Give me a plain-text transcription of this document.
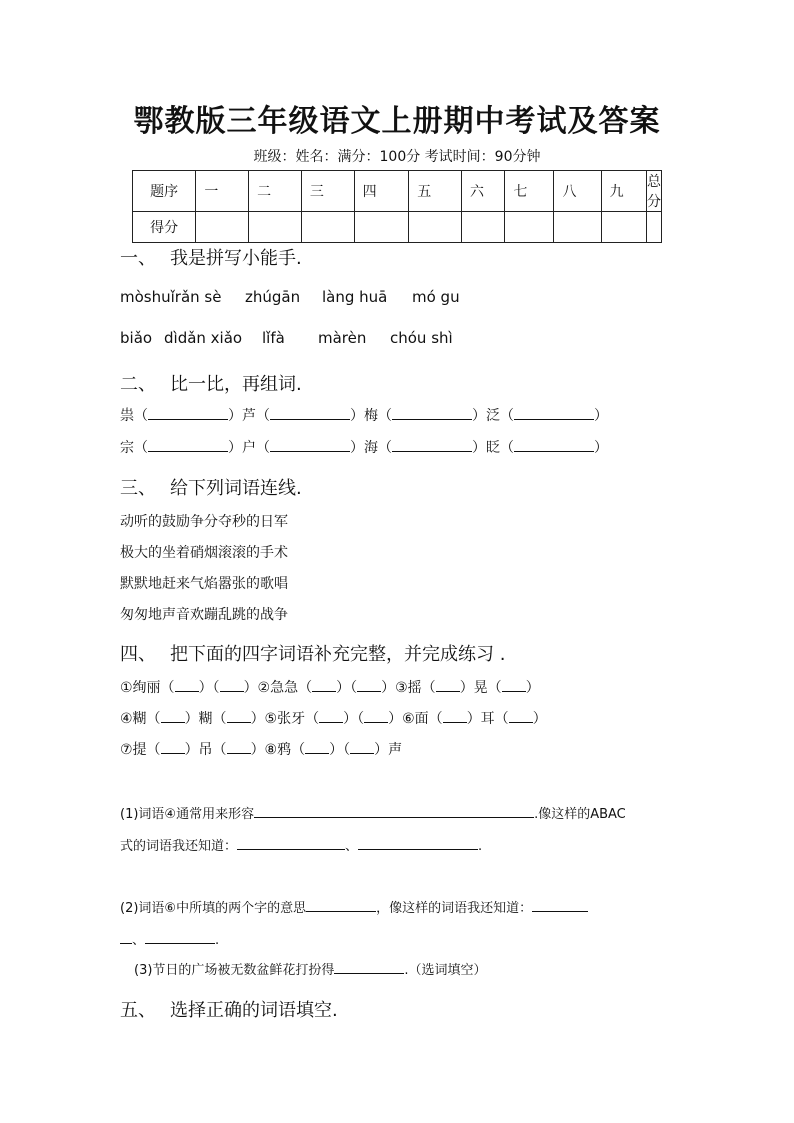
鄂教版三年级语文上册期中考试及答案
班级：姓名：满分：100分 考试时间：90分钟
题序	一	二	三	四	五	六	七	八	九	总分
得分										
一、 我是拼写小能手.
mòshuǐrǎn sè zhúgān làng huā mó gu
biǎo dìdǎn xiǎo lǐfà màrèn chóu shì
二、 比一比，再组词.
祟（	）芦（	）梅（	）泛（	）
宗（	）户（	）海（	）眨（	）
三、 给下列词语连线.
动听的鼓励争分夺秒的日军
极大的坐着硝烟滚滚的手术
默默地赶来气焰嚣张的歌唱
匆匆地声音欢蹦乱跳的战争
四、 把下面的四字词语补充完整，并完成练习 .
①绚丽（ ）（ ）②急急（ ）（ ）③摇（ ）晃（ ）
④糊（ ）糊（ ）⑤张牙（ ）（ ）⑥面（ ）耳（ ）
⑦提（ ）吊（ ）⑧鸦（ ）（ ）声
(1)词语④通常用来形容	.像这样的ABAC
式的词语我还知道：	、	.
(2)词语⑥中所填的两个字的意思	，像这样的词语我还知道：
、	.
(3)节日的广场被无数盆鲜花打扮得	.（选词填空）
五、 选择正确的词语填空.
